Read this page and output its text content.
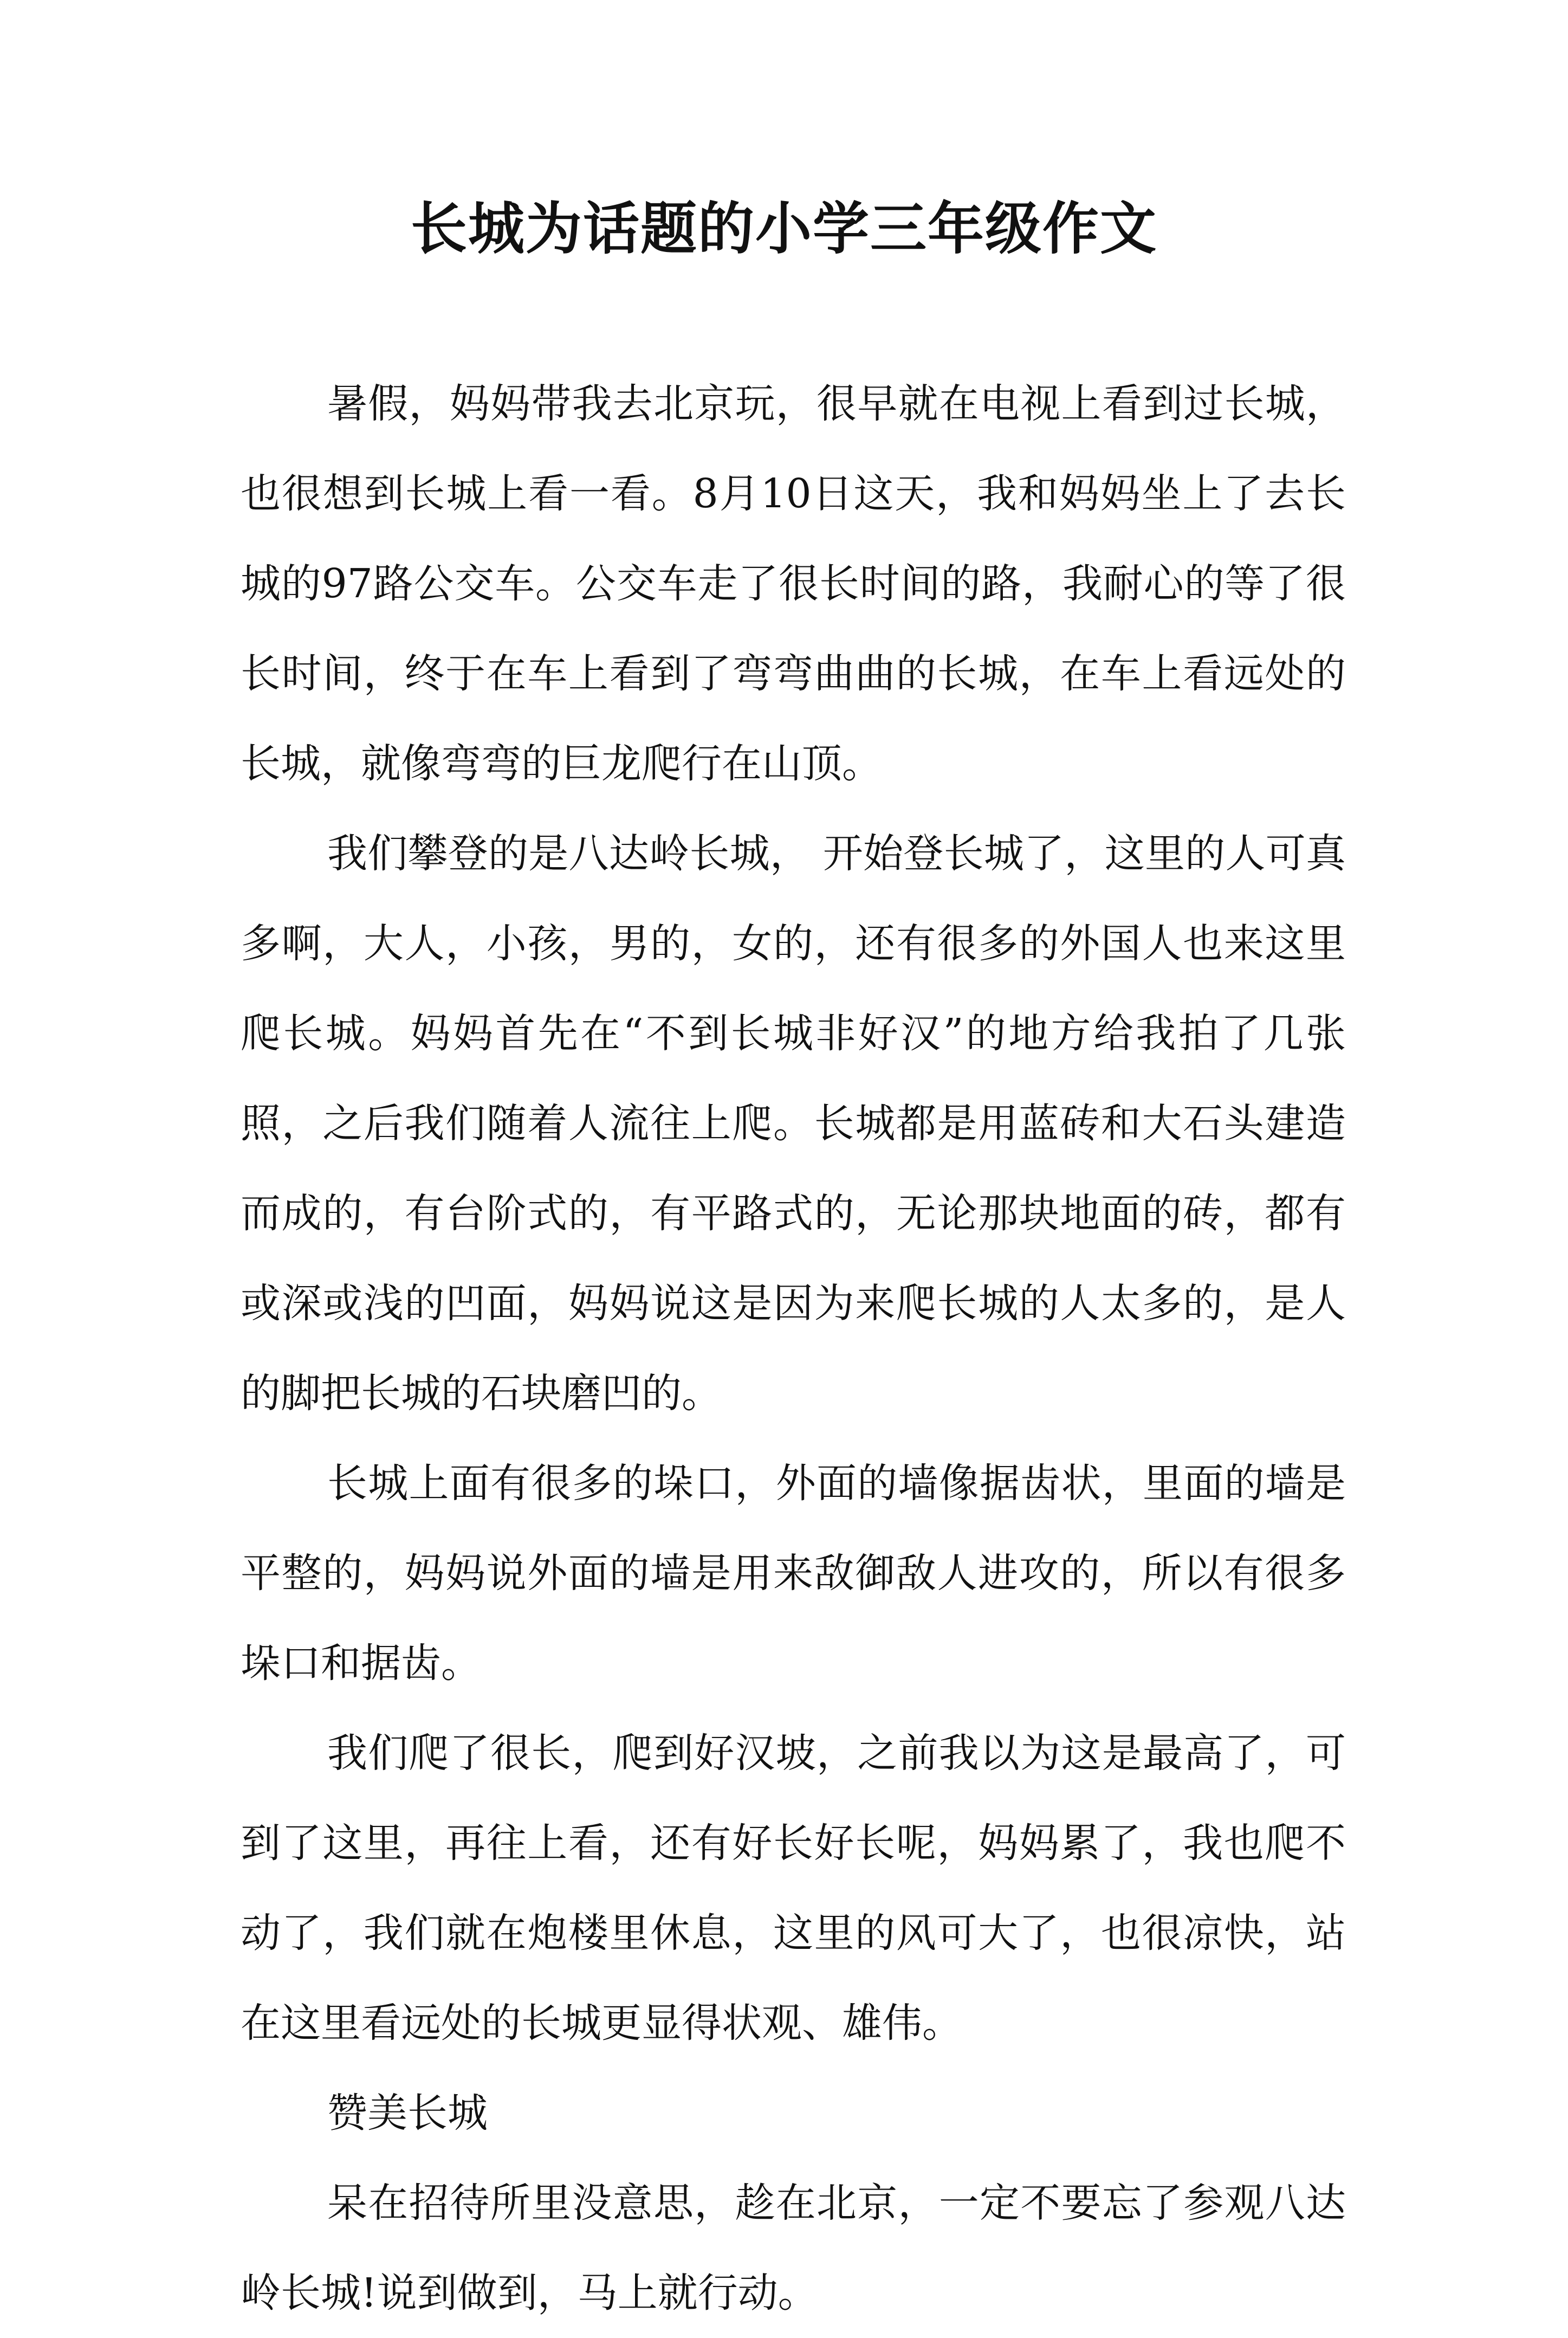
长城为话题的小学三年级作文

暑假，妈妈带我去北京玩，很早就在电视上看到过长城，也很想到长城上看一看。8月10日这天，我和妈妈坐上了去长城的97路公交车。公交车走了很长时间的路，我耐心的等了很长时间，终于在车上看到了弯弯曲曲的长城，在车上看远处的长城，就像弯弯的巨龙爬行在山顶。

我们攀登的是八达岭长城， 开始登长城了，这里的人可真多啊，大人，小孩，男的，女的，还有很多的外国人也来这里爬长城。妈妈首先在“不到长城非好汉”的地方给我拍了几张照，之后我们随着人流往上爬。长城都是用蓝砖和大石头建造而成的，有台阶式的，有平路式的，无论那块地面的砖，都有或深或浅的凹面，妈妈说这是因为来爬长城的人太多的，是人的脚把长城的石块磨凹的。

长城上面有很多的垛口，外面的墙像据齿状，里面的墙是平整的，妈妈说外面的墙是用来敌御敌人进攻的，所以有很多垛口和据齿。

我们爬了很长，爬到好汉坡，之前我以为这是最高了，可到了这里，再往上看，还有好长好长呢，妈妈累了，我也爬不动了，我们就在炮楼里休息，这里的风可大了，也很凉快，站在这里看远处的长城更显得状观、雄伟。

赞美长城

呆在招待所里没意思，趁在北京，一定不要忘了参观八达岭长城!说到做到，马上就行动。
